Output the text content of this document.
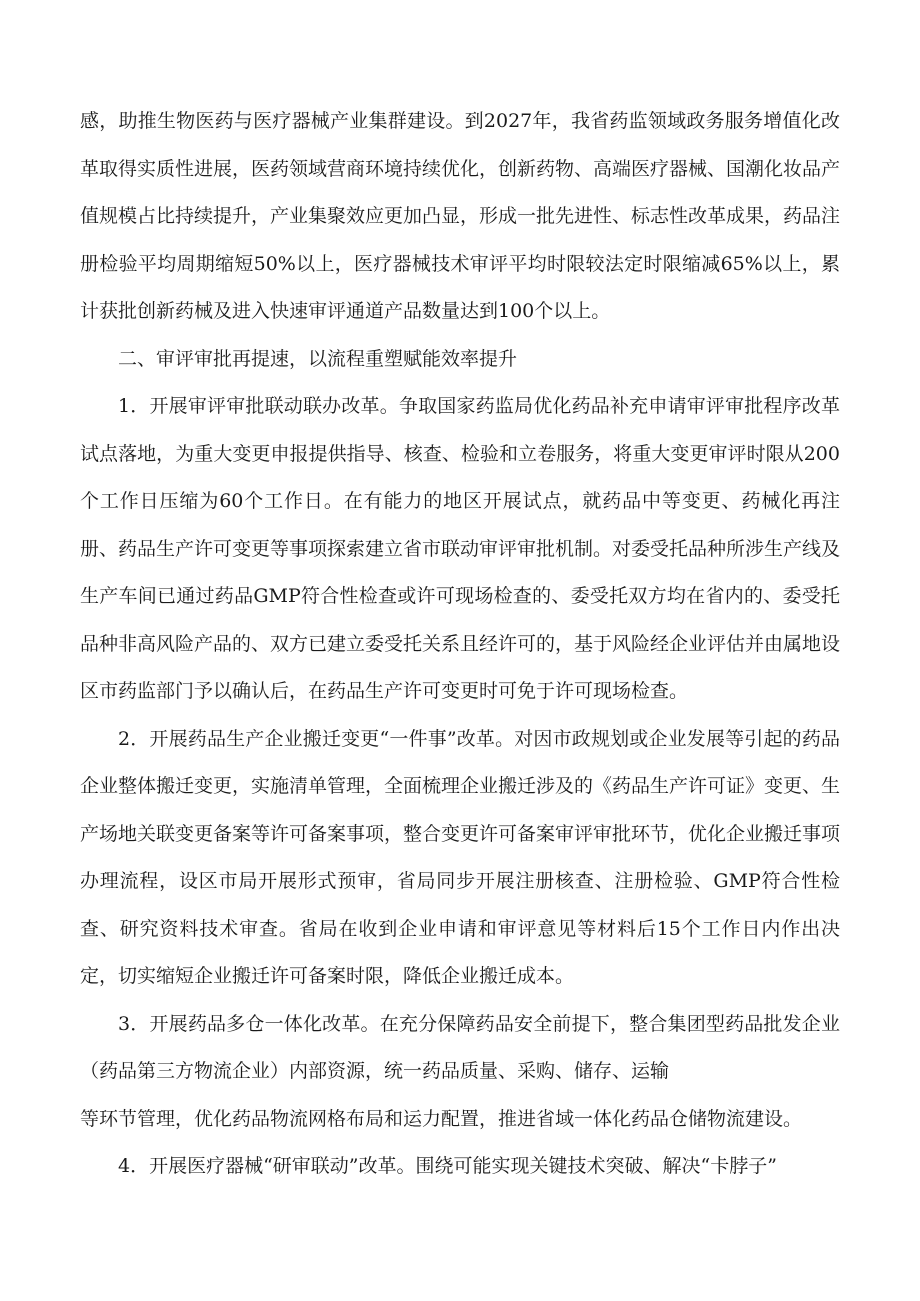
感，助推生物医药与医疗器械产业集群建设。到2027年，我省药监领域政务服务增值化改革取得实质性进展，医药领域营商环境持续优化，创新药物、高端医疗器械、国潮化妆品产值规模占比持续提升，产业集聚效应更加凸显，形成一批先进性、标志性改革成果，药品注册检验平均周期缩短50%以上，医疗器械技术审评平均时限较法定时限缩减65%以上，累计获批创新药械及进入快速审评通道产品数量达到100个以上。

二、审评审批再提速，以流程重塑赋能效率提升

1．开展审评审批联动联办改革。争取国家药监局优化药品补充申请审评审批程序改革试点落地，为重大变更申报提供指导、核查、检验和立卷服务，将重大变更审评时限从200个工作日压缩为60个工作日。在有能力的地区开展试点，就药品中等变更、药械化再注册、药品生产许可变更等事项探索建立省市联动审评审批机制。对委受托品种所涉生产线及生产车间已通过药品GMP符合性检查或许可现场检查的、委受托双方均在省内的、委受托品种非高风险产品的、双方已建立委受托关系且经许可的，基于风险经企业评估并由属地设区市药监部门予以确认后，在药品生产许可变更时可免于许可现场检查。

2．开展药品生产企业搬迁变更“一件事”改革。对因市政规划或企业发展等引起的药品企业整体搬迁变更，实施清单管理，全面梳理企业搬迁涉及的《药品生产许可证》变更、生产场地关联变更备案等许可备案事项，整合变更许可备案审评审批环节，优化企业搬迁事项办理流程，设区市局开展形式预审，省局同步开展注册核查、注册检验、GMP符合性检查、研究资料技术审查。省局在收到企业申请和审评意见等材料后15个工作日内作出决定，切实缩短企业搬迁许可备案时限，降低企业搬迁成本。

3．开展药品多仓一体化改革。在充分保障药品安全前提下，整合集团型药品批发企业（药品第三方物流企业）内部资源，统一药品质量、采购、储存、运输

等环节管理，优化药品物流网格布局和运力配置，推进省域一体化药品仓储物流建设。

4．开展医疗器械“研审联动”改革。围绕可能实现关键技术突破、解决“卡脖子”
